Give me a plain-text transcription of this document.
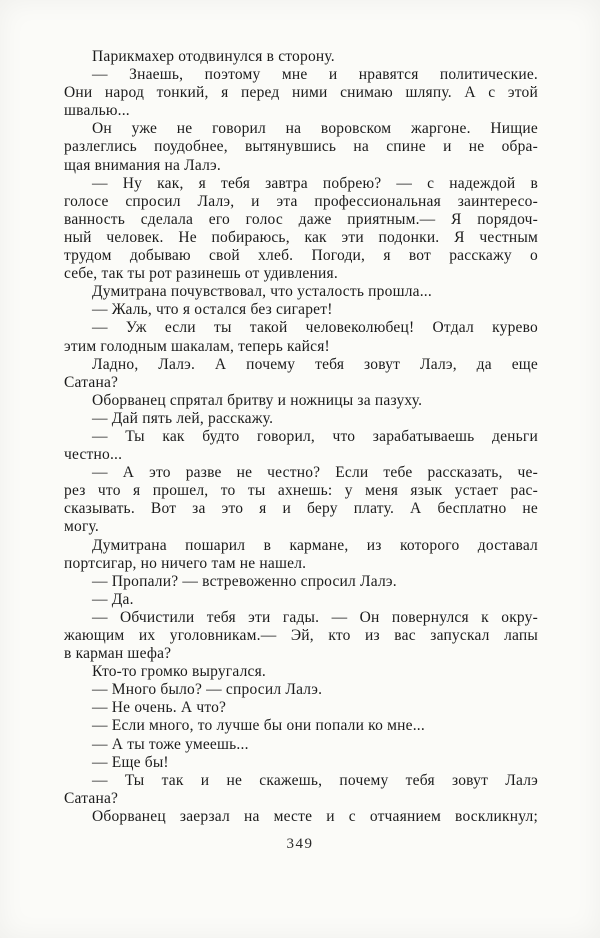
Парикмахер отодвинулся в сторону.
— Знаешь, поэтому мне и нравятся политические.
Они народ тонкий, я перед ними снимаю шляпу. А с этой
швалью...
Он уже не говорил на воровском жаргоне. Нищие
разлеглись поудобнее, вытянувшись на спине и не обра-
щая внимания на Лалэ.
— Ну как, я тебя завтра побрею? — с надеждой в
голосе спросил Лалэ, и эта профессиональная заинтересо-
ванность сделала его голос даже приятным.— Я порядоч-
ный человек. Не побираюсь, как эти подонки. Я честным
трудом добываю свой хлеб. Погоди, я вот расскажу о
себе, так ты рот разинешь от удивления.
Думитрана почувствовал, что усталость прошла...
— Жаль, что я остался без сигарет!
— Уж если ты такой человеколюбец! Отдал курево
этим голодным шакалам, теперь кайся!
Ладно, Лалэ. А почему тебя зовут Лалэ, да еще
Сатана?
Оборванец спрятал бритву и ножницы за пазуху.
— Дай пять лей, расскажу.
— Ты как будто говорил, что зарабатываешь деньги
честно...
— А это разве не честно? Если тебе рассказать, че-
рез что я прошел, то ты ахнешь: у меня язык устает рас-
сказывать. Вот за это я и беру плату. А бесплатно не
могу.
Думитрана пошарил в кармане, из которого доставал
портсигар, но ничего там не нашел.
— Пропали? — встревоженно спросил Лалэ.
— Да.
— Обчистили тебя эти гады. — Он повернулся к окру-
жающим их уголовникам.— Эй, кто из вас запускал лапы
в карман шефа?
Кто-то громко выругался.
— Много было? — спросил Лалэ.
— Не очень. А что?
— Если много, то лучше бы они попали ко мне...
— А ты тоже умеешь...
— Еще бы!
— Ты так и не скажешь, почему тебя зовут Лалэ
Сатана?
Оборванец заерзал на месте и с отчаянием воскликнул;
349
